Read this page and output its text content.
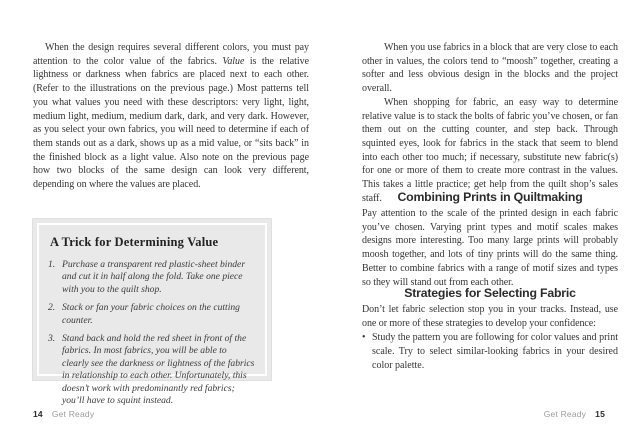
When the design requires several different colors, you must pay attention to the color value of the fabrics. Value is the relative lightness or darkness when fabrics are placed next to each other. (Refer to the illustrations on the previous page.) Most patterns tell you what values you need with these descriptors: very light, light, medium light, medium, medium dark, dark, and very dark. However, as you select your own fabrics, you will need to determine if each of them stands out as a dark, shows up as a mid value, or “sits back” in the finished block as a light value. Also note on the previous page how two blocks of the same design can look very different, depending on where the values are placed.

A Trick for Determining Value
1. Purchase a transparent red plastic-sheet binder and cut it in half along the fold. Take one piece with you to the quilt shop.
2. Stack or fan your fabric choices on the cutting counter.
3. Stand back and hold the red sheet in front of the fabrics. In most fabrics, you will be able to clearly see the darkness or lightness of the fabrics in relationship to each other. Unfortunately, this doesn’t work with predominantly red fabrics; you’ll have to squint instead.
14 Get Ready

When you use fabrics in a block that are very close to each other in values, the colors tend to “moosh” together, creating a softer and less obvious design in the blocks and the project overall.

When shopping for fabric, an easy way to determine relative value is to stack the bolts of fabric you’ve chosen, or fan them out on the cutting counter, and step back. Through squinted eyes, look for fabrics in the stack that seem to blend into each other too much; if necessary, substitute new fabric(s) for one or more of them to create more contrast in the values. This takes a little practice; get help from the quilt shop’s sales staff.	Combining Prints in Quiltmaking

Pay attention to the scale of the printed design in each fabric you’ve chosen. Varying print types and motif scales makes designs more interesting. Too many large prints will probably moosh together, and lots of tiny prints will do the same thing. Better to combine fabrics with a range of motif sizes and types so they will stand out from each other.

Strategies for Selecting Fabric

Don’t let fabric selection stop you in your tracks. Instead, use one or more of these strategies to develop your confidence:

• Study the pattern you are following for color values and print scale. Try to select similar-looking fabrics in your desired color palette.
Get Ready 15
